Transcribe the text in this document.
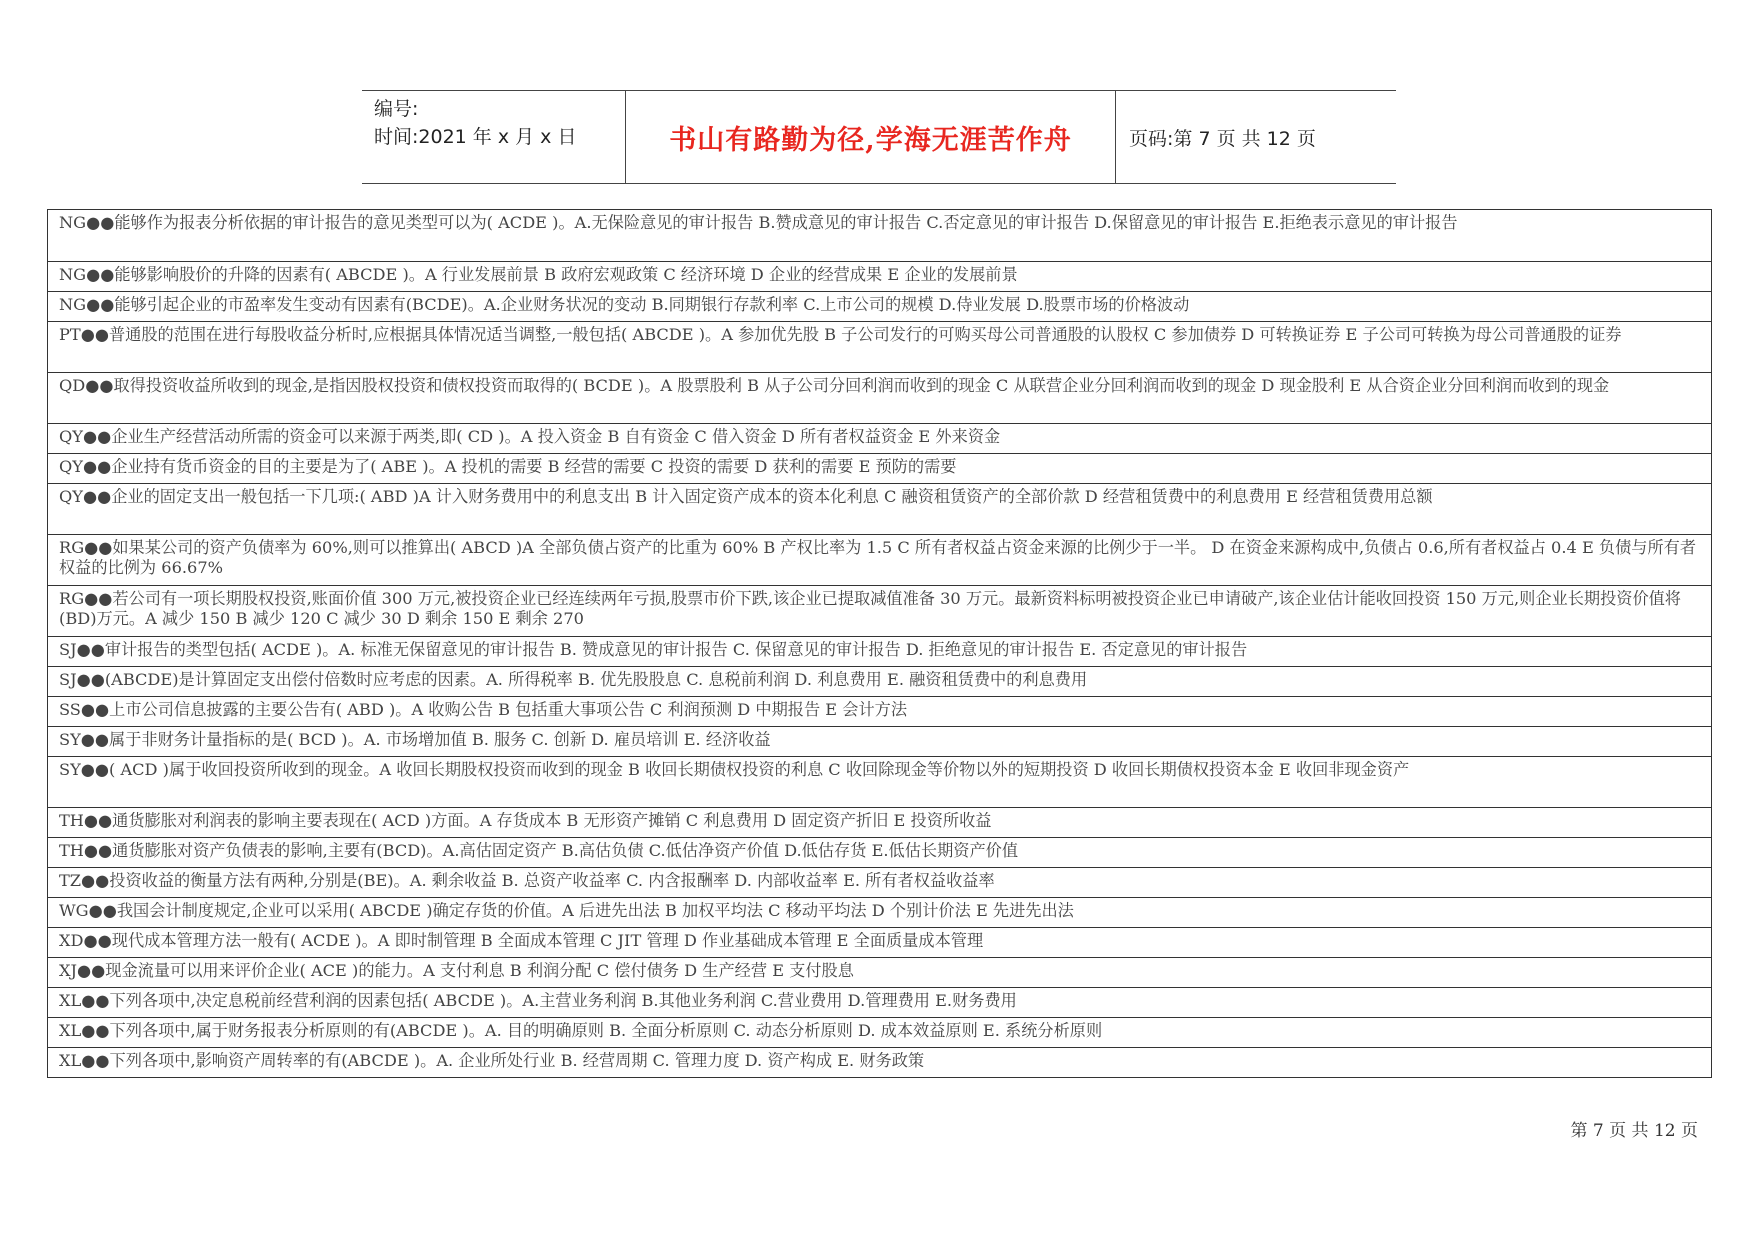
编号:
时间:2021 年 x 月 x 日	书山有路勤为径,学海无涯苦作舟	页码:第 7 页 共 12 页
NG●●能够作为报表分析依据的审计报告的意见类型可以为( ACDE )。A.无保险意见的审计报告 B.赞成意见的审计报告 C.否定意见的审计报告 D.保留意见的审计报告 E.拒绝表示意见的审计报告
NG●●能够影响股价的升降的因素有( ABCDE )。A 行业发展前景 B 政府宏观政策 C 经济环境 D 企业的经营成果 E 企业的发展前景
NG●●能够引起企业的市盈率发生变动有因素有(BCDE)。A.企业财务状况的变动 B.同期银行存款利率 C.上市公司的规模 D.侍业发展 D.股票市场的价格波动
PT●●普通股的范围在进行每股收益分析时,应根据具体情况适当调整,一般包括( ABCDE )。A 参加优先股 B 子公司发行的可购买母公司普通股的认股权 C 参加债券 D 可转换证券 E 子公司可转换为母公司普通股的证券
QD●●取得投资收益所收到的现金,是指因股权投资和债权投资而取得的( BCDE )。A 股票股利 B 从子公司分回利润而收到的现金 C 从联营企业分回利润而收到的现金 D 现金股利 E 从合资企业分回利润而收到的现金
QY●●企业生产经营活动所需的资金可以来源于两类,即( CD )。A 投入资金 B 自有资金 C 借入资金 D 所有者权益资金 E 外来资金
QY●●企业持有货币资金的目的主要是为了( ABE )。A 投机的需要 B 经营的需要 C 投资的需要 D 获利的需要 E 预防的需要
QY●●企业的固定支出一般包括一下几项:( ABD )A 计入财务费用中的利息支出 B 计入固定资产成本的资本化利息 C 融资租赁资产的全部价款 D 经营租赁费中的利息费用 E 经营租赁费用总额
RG●●如果某公司的资产负债率为 60%,则可以推算出( ABCD )A 全部负债占资产的比重为 60% B 产权比率为 1.5 C 所有者权益占资金来源的比例少于一半。 D 在资金来源构成中,负债占 0.6,所有者权益占 0.4 E 负债与所有者权益的比例为 66.67%
RG●●若公司有一项长期股权投资,账面价值 300 万元,被投资企业已经连续两年亏损,股票市价下跌,该企业已提取减值准备 30 万元。最新资料标明被投资企业已申请破产,该企业估计能收回投资 150 万元,则企业长期投资价值将(BD)万元。A 减少 150 B 减少 120 C 减少 30 D 剩余 150 E 剩余 270
SJ●●审计报告的类型包括( ACDE )。A. 标准无保留意见的审计报告 B. 赞成意见的审计报告 C. 保留意见的审计报告 D. 拒绝意见的审计报告 E. 否定意见的审计报告
SJ●●(ABCDE)是计算固定支出偿付倍数时应考虑的因素。A. 所得税率 B. 优先股股息 C. 息税前利润 D. 利息费用 E. 融资租赁费中的利息费用
SS●●上市公司信息披露的主要公告有( ABD )。A 收购公告 B 包括重大事项公告 C 利润预测 D 中期报告 E 会计方法
SY●●属于非财务计量指标的是( BCD )。A. 市场增加值 B. 服务 C. 创新 D. 雇员培训 E. 经济收益
SY●●( ACD )属于收回投资所收到的现金。A 收回长期股权投资而收到的现金 B 收回长期债权投资的利息 C 收回除现金等价物以外的短期投资 D 收回长期债权投资本金 E 收回非现金资产
TH●●通货膨胀对利润表的影响主要表现在( ACD )方面。A 存货成本 B 无形资产摊销 C 利息费用 D 固定资产折旧 E 投资所收益
TH●●通货膨胀对资产负债表的影响,主要有(BCD)。A.高估固定资产 B.高估负债 C.低估净资产价值 D.低估存货 E.低估长期资产价值
TZ●●投资收益的衡量方法有两种,分别是(BE)。A. 剩余收益 B. 总资产收益率 C. 内含报酬率 D. 内部收益率 E. 所有者权益收益率
WG●●我国会计制度规定,企业可以采用( ABCDE )确定存货的价值。A 后进先出法 B 加权平均法 C 移动平均法 D 个别计价法 E 先进先出法
XD●●现代成本管理方法一般有( ACDE )。A 即时制管理 B 全面成本管理 C JIT 管理 D 作业基础成本管理 E 全面质量成本管理
XJ●●现金流量可以用来评价企业( ACE )的能力。A 支付利息 B 利润分配 C 偿付债务 D 生产经营 E 支付股息
XL●●下列各项中,决定息税前经营利润的因素包括( ABCDE )。A.主营业务利润 B.其他业务利润 C.营业费用 D.管理费用 E.财务费用
XL●●下列各项中,属于财务报表分析原则的有(ABCDE )。A. 目的明确原则 B. 全面分析原则 C. 动态分析原则 D. 成本效益原则 E. 系统分析原则
XL●●下列各项中,影响资产周转率的有(ABCDE )。A. 企业所处行业 B. 经营周期 C. 管理力度 D. 资产构成 E. 财务政策
第 7 页 共 12 页
